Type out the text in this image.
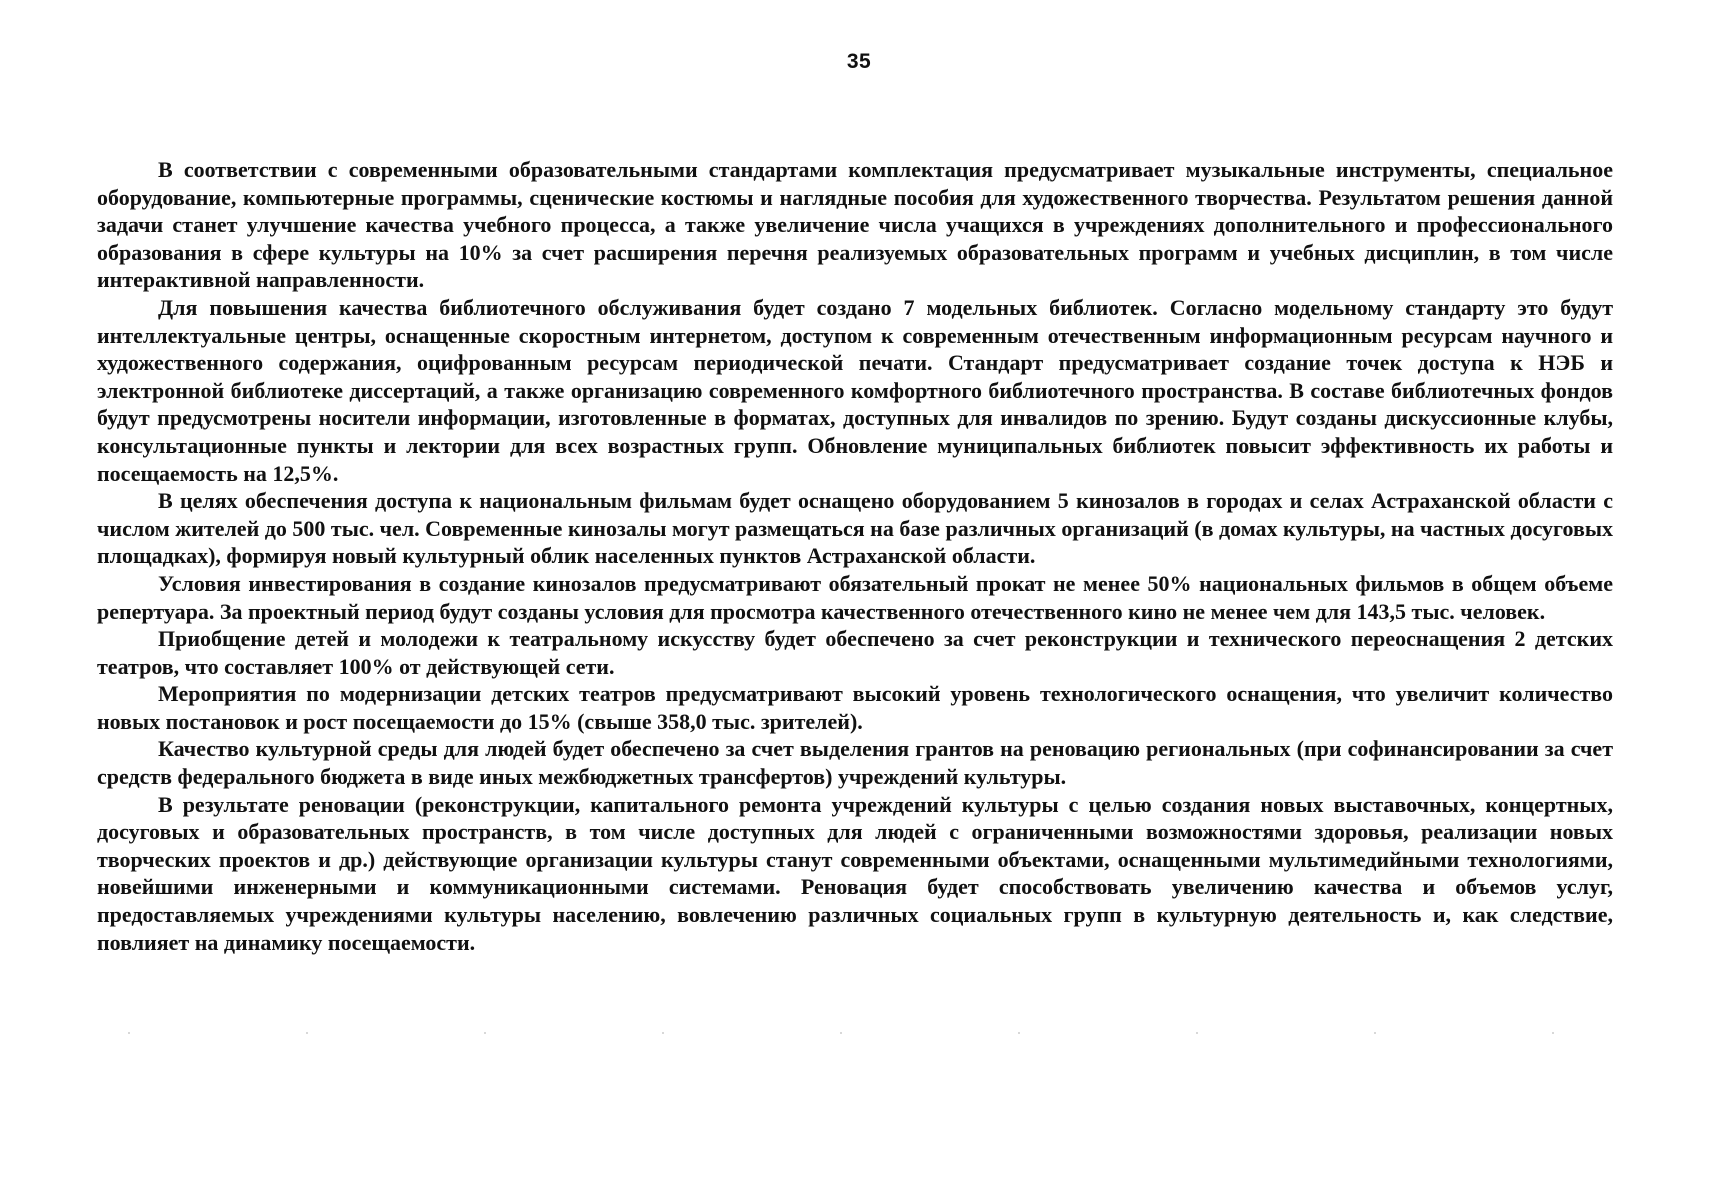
35

В соответствии с современными образовательными стандартами комплектация предусматривает музыкальные инструменты, специальное оборудование, компьютерные программы, сценические костюмы и наглядные пособия для художественного творчества. Результатом решения данной задачи станет улучшение качества учебного процесса, а также увеличение числа учащихся в учреждениях дополнительного и профессионального образования в сфере культуры на 10% за счет расширения перечня реализуемых образовательных программ и учебных дисциплин, в том числе интерактивной направленности.

Для повышения качества библиотечного обслуживания будет создано 7 модельных библиотек. Согласно модельному стандарту это будут интеллектуальные центры, оснащенные скоростным интернетом, доступом к современным отечественным информационным ресурсам научного и художественного содержания, оцифрованным ресурсам периодической печати. Стандарт предусматривает создание точек доступа к НЭБ и электронной библиотеке диссертаций, а также организацию современного комфортного библиотечного пространства. В составе библиотечных фондов будут предусмотрены носители информации, изготовленные в форматах, доступных для инвалидов по зрению. Будут созданы дискуссионные клубы, консультационные пункты и лектории для всех возрастных групп. Обновление муниципальных библиотек повысит эффективность их работы и посещаемость на 12,5%.

В целях обеспечения доступа к национальным фильмам будет оснащено оборудованием 5 кинозалов в городах и селах Астраханской области с числом жителей до 500 тыс. чел. Современные кинозалы могут размещаться на базе различных организаций (в домах культуры, на частных досуговых площадках), формируя новый культурный облик населенных пунктов Астраханской области.

Условия инвестирования в создание кинозалов предусматривают обязательный прокат не менее 50% национальных фильмов в общем объеме репертуара. За проектный период будут созданы условия для просмотра качественного отечественного кино не менее чем для 143,5 тыс. человек.

Приобщение детей и молодежи к театральному искусству будет обеспечено за счет реконструкции и технического переоснащения 2 детских театров, что составляет 100% от действующей сети.

Мероприятия по модернизации детских театров предусматривают высокий уровень технологического оснащения, что увеличит количество новых постановок и рост посещаемости до 15% (свыше 358,0 тыс. зрителей).

Качество культурной среды для людей будет обеспечено за счет выделения грантов на реновацию региональных (при софинансировании за счет средств федерального бюджета в виде иных межбюджетных трансфертов) учреждений культуры.

В результате реновации (реконструкции, капитального ремонта учреждений культуры с целью создания новых выставочных, концертных, досуговых и образовательных пространств, в том числе доступных для людей с ограниченными возможностями здоровья, реализации новых творческих проектов и др.) действующие организации культуры станут современными объектами, оснащенными мультимедийными технологиями, новейшими инженерными и коммуникационными системами. Реновация будет способствовать увеличению качества и объемов услуг, предоставляемых учреждениями культуры населению, вовлечению различных социальных групп в культурную деятельность и, как следствие, повлияет на динамику посещаемости.
